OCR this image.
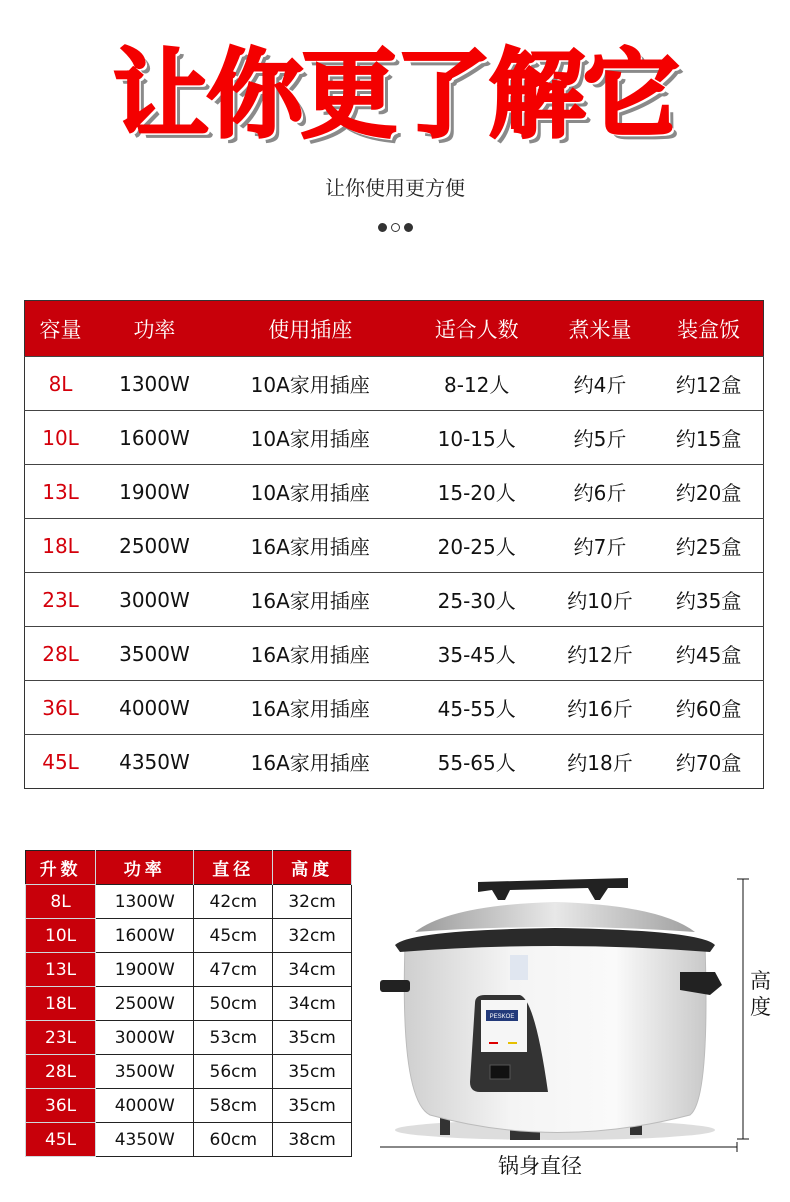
让你更了解它
让你使用更方便
容量	功率	使用插座	适合人数	煮米量	装盒饭
8L	1300W	10A家用插座	8-12人	约4斤	约12盒
10L	1600W	10A家用插座	10-15人	约5斤	约15盒
13L	1900W	10A家用插座	15-20人	约6斤	约20盒
18L	2500W	16A家用插座	20-25人	约7斤	约25盒
23L	3000W	16A家用插座	25-30人	约10斤	约35盒
28L	3500W	16A家用插座	35-45人	约12斤	约45盒
36L	4000W	16A家用插座	45-55人	约16斤	约60盒
45L	4350W	16A家用插座	55-65人	约18斤	约70盒
升数	功率	直径	高度
8L	1300W	42cm	32cm
10L	1600W	45cm	32cm
13L	1900W	47cm	34cm
18L	2500W	50cm	34cm
23L	3000W	53cm	35cm
28L	3500W	56cm	35cm
36L	4000W	58cm	35cm
45L	4350W	60cm	38cm
PESKOE
高度
锅身直径
